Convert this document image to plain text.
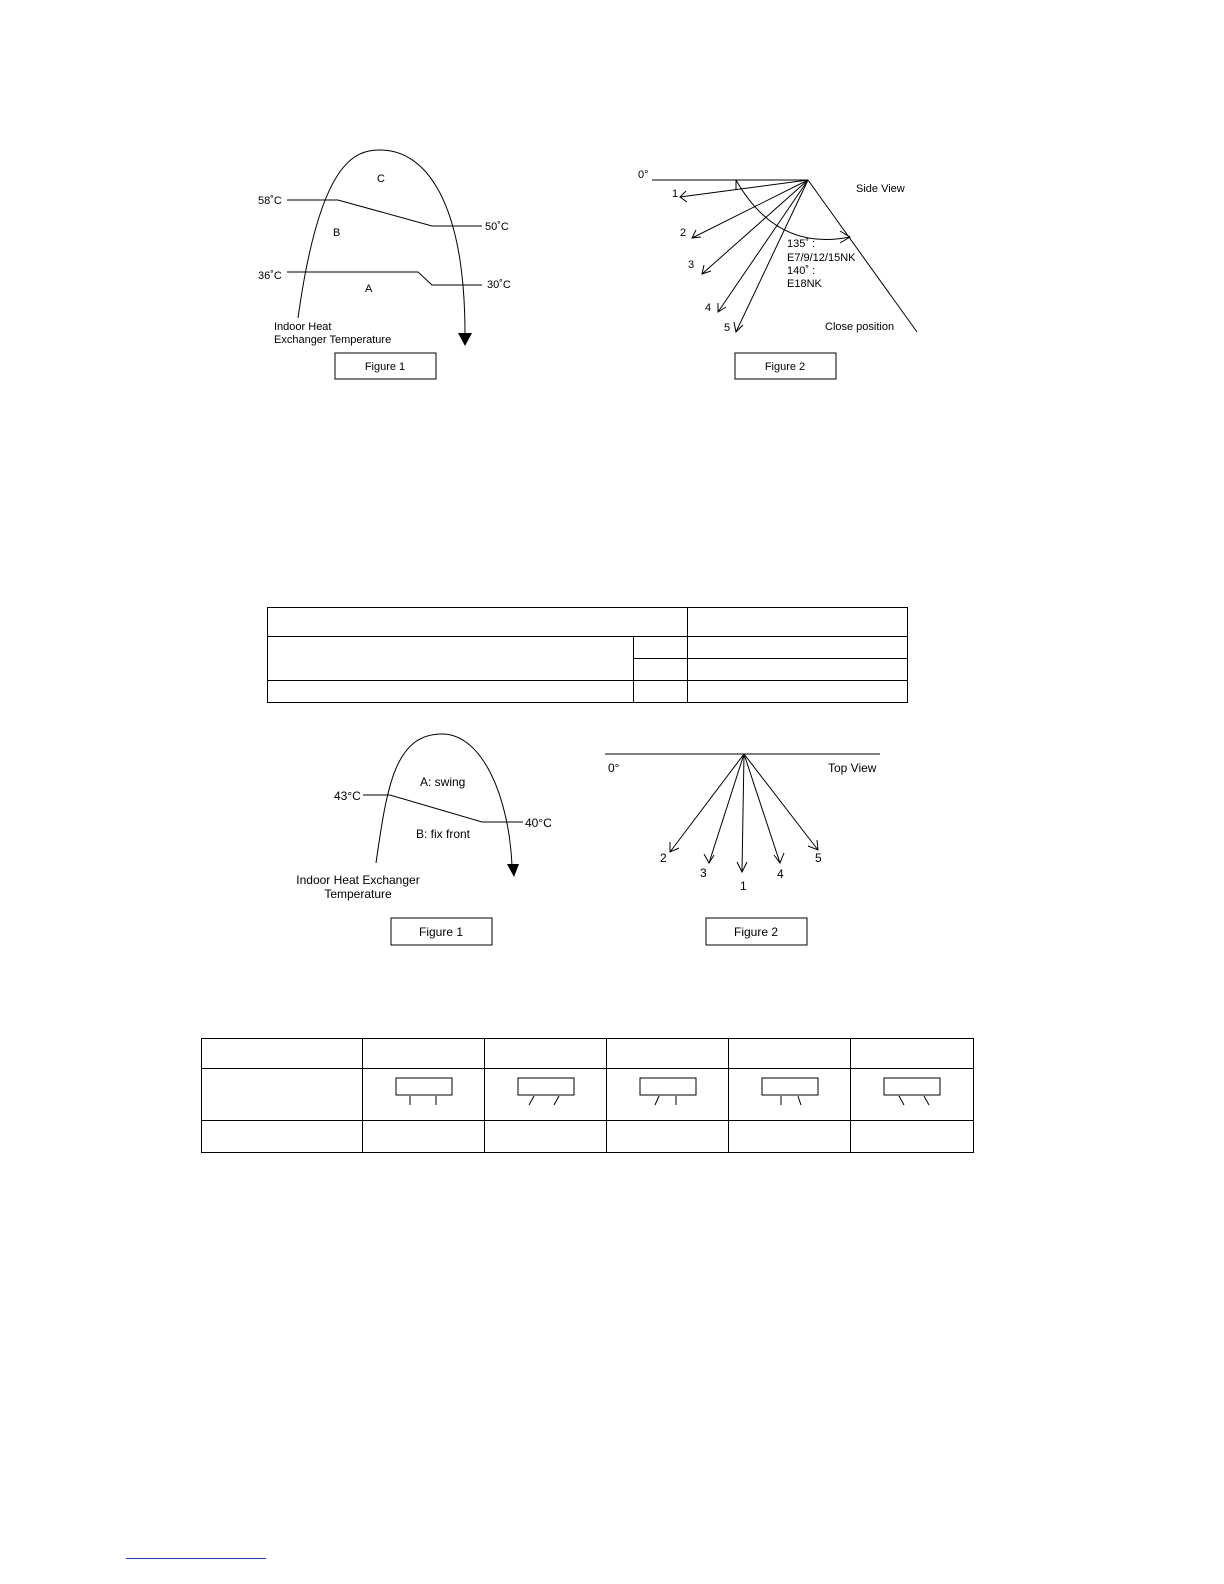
58˚C
50˚C
36˚C
30˚C
C
B
A
Indoor Heat
Exchanger Temperature
Figure 1
0°
Side View
1
2
3
4
5
135˚ :
E7/9/12/15NK
140˚ :
E18NK
Close position
Figure 2

43°C
40°C
A: swing
B: fix front
Indoor Heat Exchanger
Temperature
Figure 1
0°	Top View
2
3
1
4
5
Figure 2
